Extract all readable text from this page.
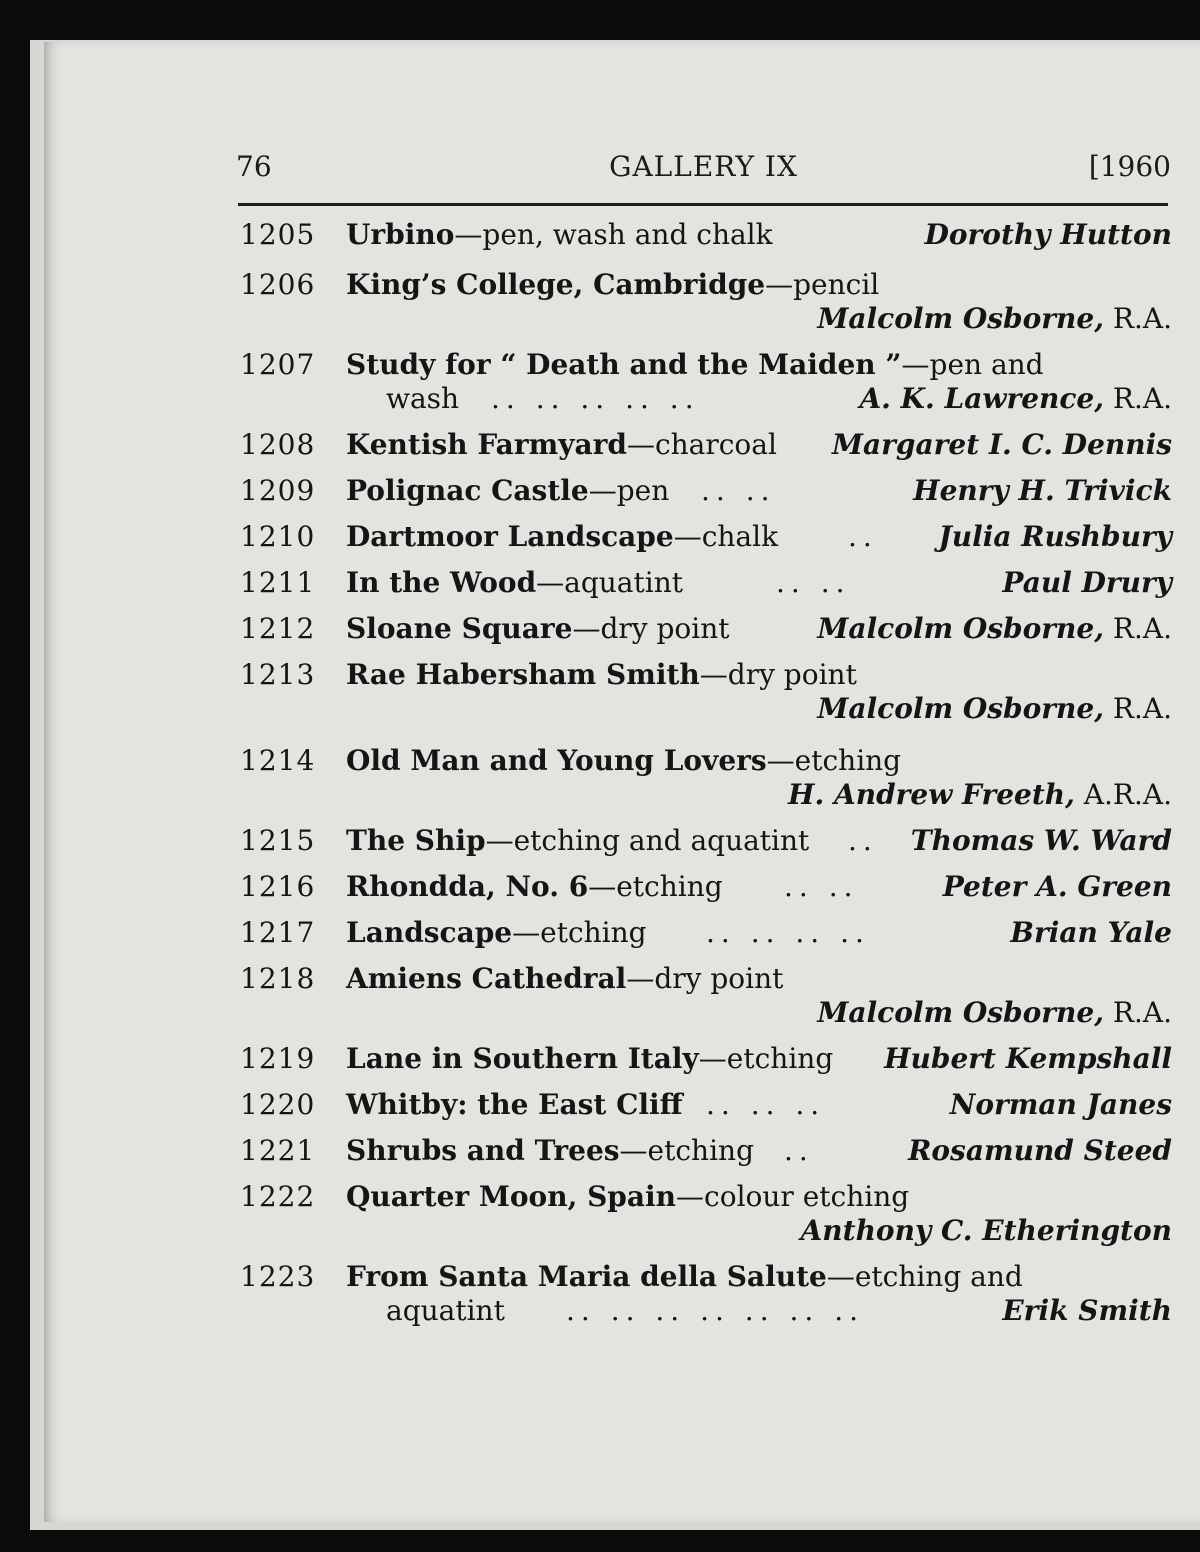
76	GALLERY IX	[1960
1205 Urbino—pen, wash and chalk	Dorothy Hutton
1206 King’s College, Cambridge—pencil
Malcolm Osborne, R.A.
1207 Study for “ Death and the Maiden ”—pen and
wash	.. .. .. .. ..	A. K. Lawrence, R.A.
1208 Kentish Farmyard—charcoal	Margaret I. C. Dennis
1209 Polignac Castle—pen	.. ..	Henry H. Trivick
1210 Dartmoor Landscape—chalk	.. Julia Rushbury
1211 In the Wood—aquatint	.. ..	Paul Drury
1212 Sloane Square—dry point	Malcolm Osborne, R.A.
1213 Rae Habersham Smith—dry point
Malcolm Osborne, R.A.
1214 Old Man and Young Lovers—etching
H. Andrew Freeth, A.R.A.
1215 The Ship—etching and aquatint	.. Thomas W. Ward
1216 Rhondda, No. 6—etching	.. ..	Peter A. Green
1217 Landscape—etching	.. .. .. ..	Brian Yale
1218 Amiens Cathedral—dry point
Malcolm Osborne, R.A.
1219 Lane in Southern Italy—etching	Hubert Kempshall
1220 Whitby: the East Cliff .. .. ..	Norman Janes
1221 Shrubs and Trees—etching	..	Rosamund Steed
1222 Quarter Moon, Spain—colour etching
Anthony C. Etherington
1223 From Santa Maria della Salute—etching and
aquatint	.. .. .. .. .. .. ..	Erik Smith
